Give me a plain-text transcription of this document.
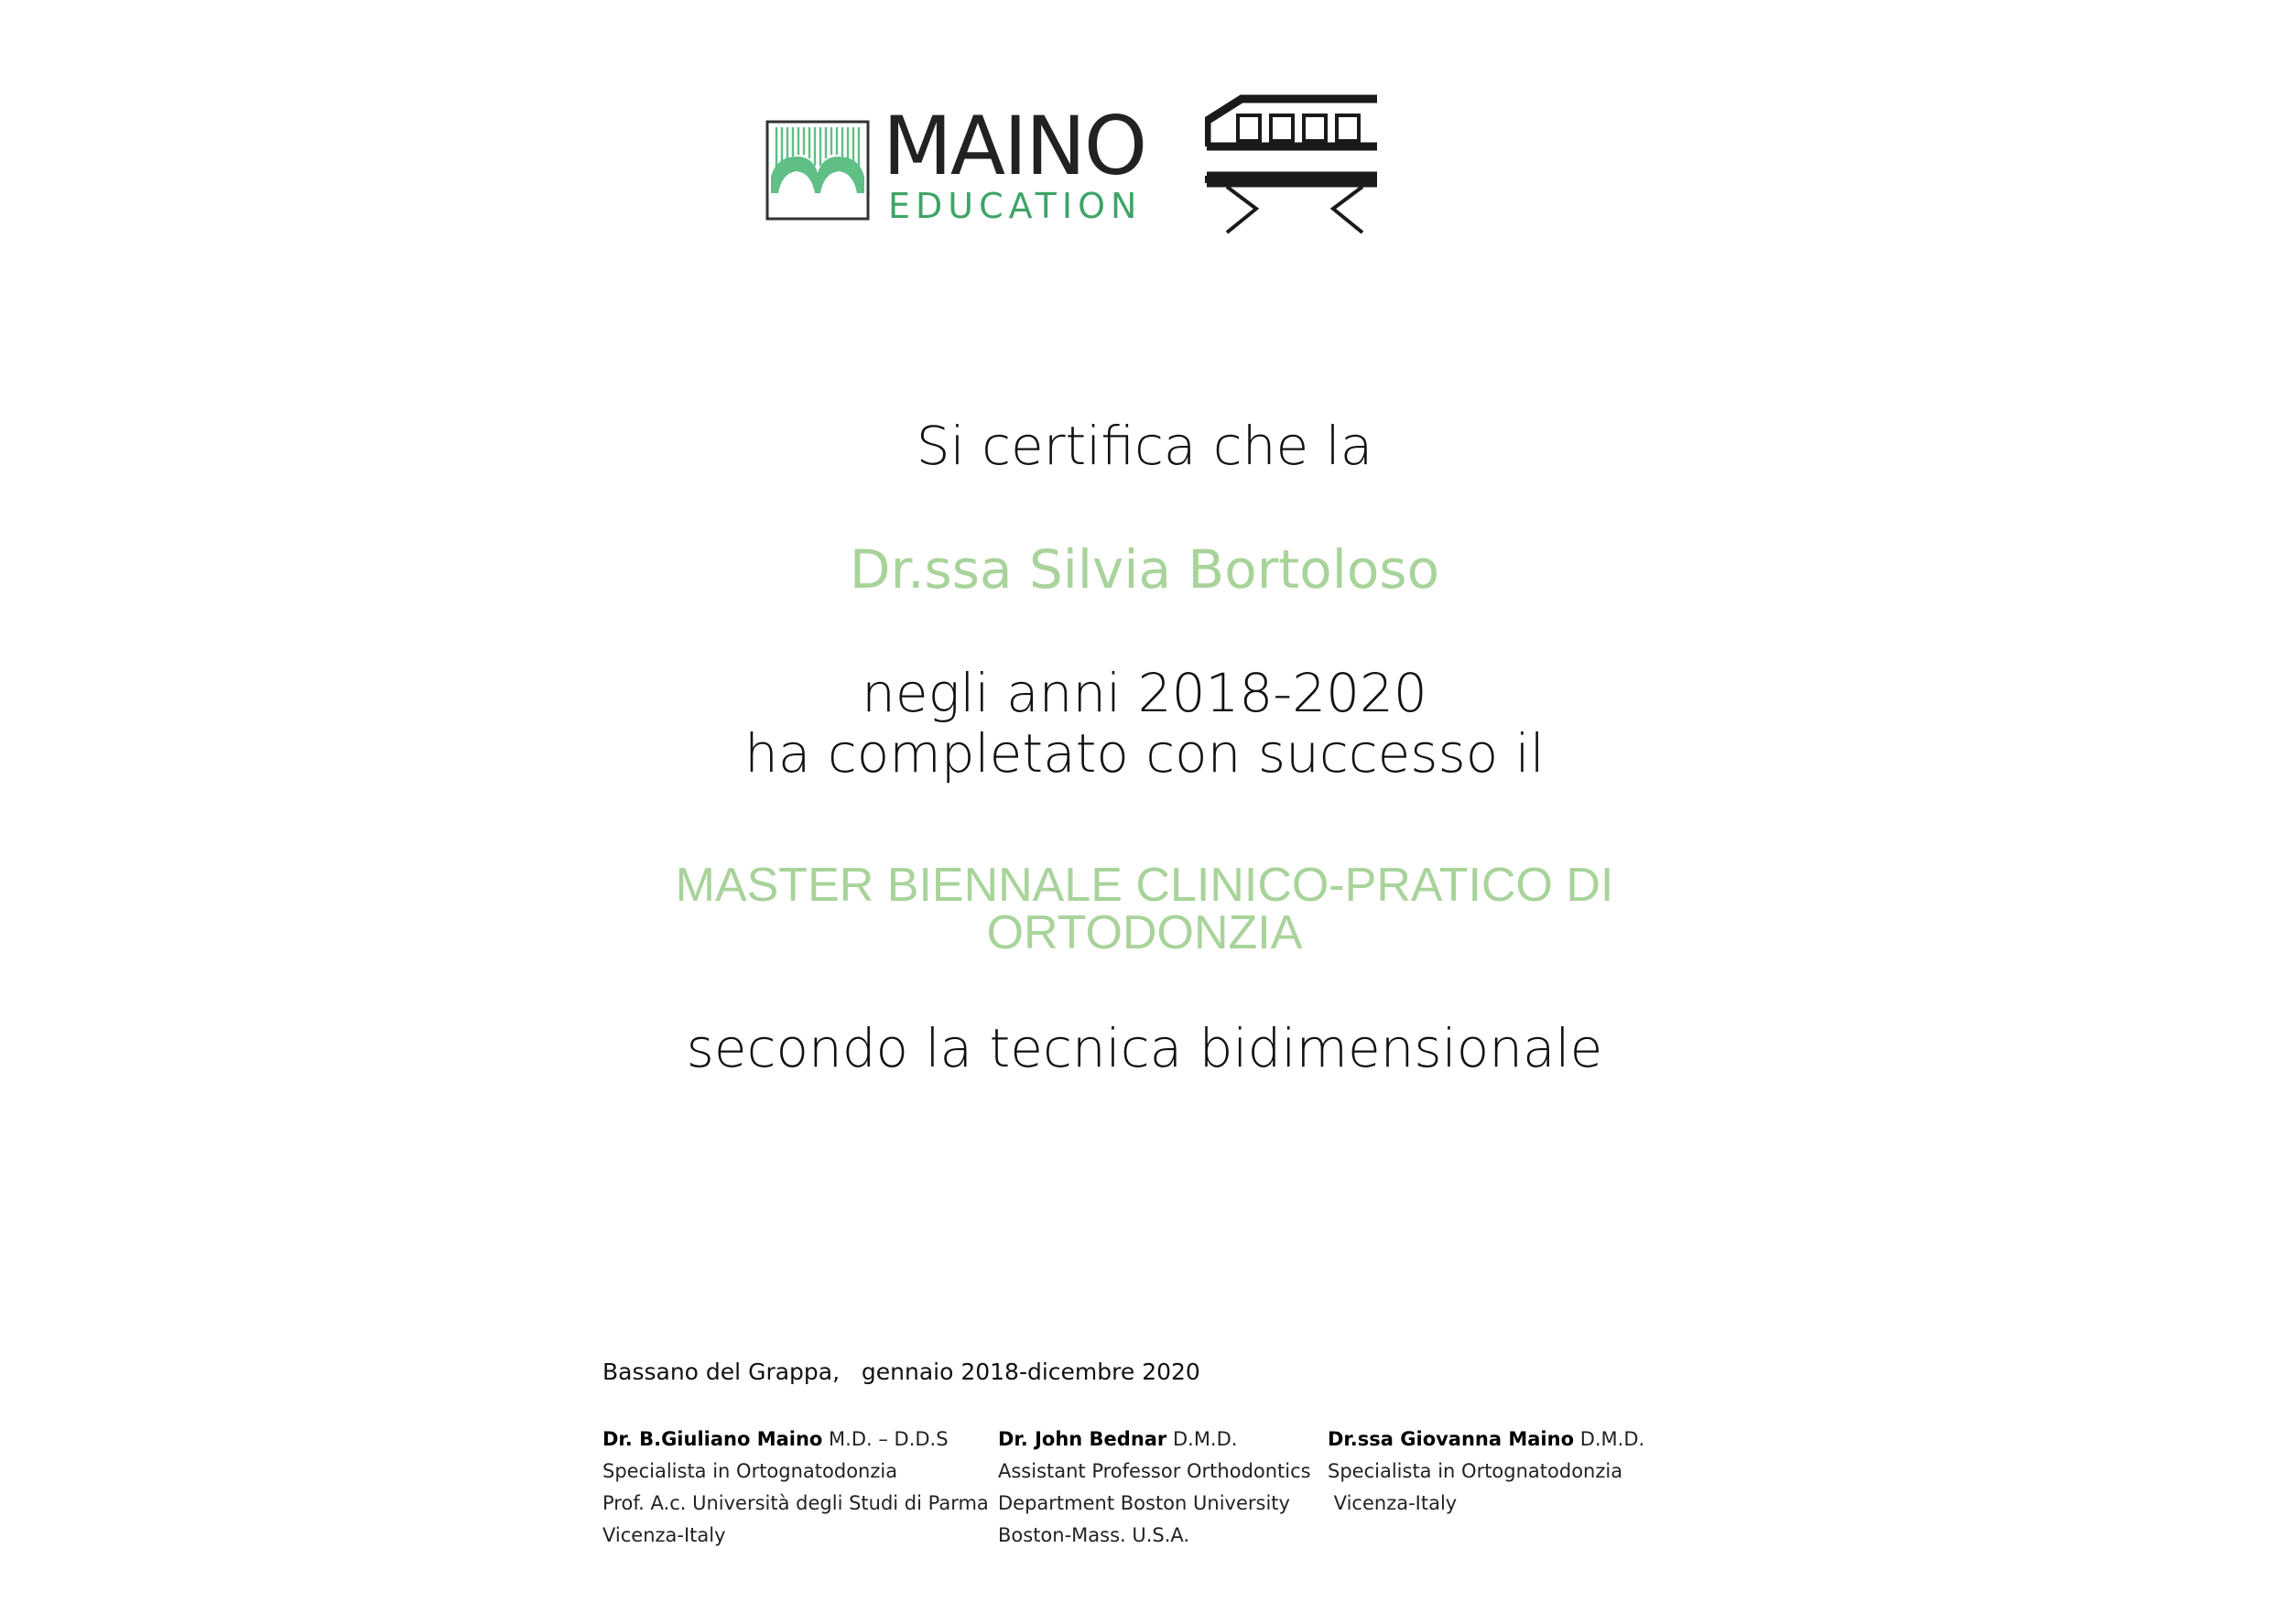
MAINO
EDUCATION
Si certifica che la
Dr.ssa Silvia Bortoloso
negli anni 2018-2020
ha completato con successo il
MASTER BIENNALE CLINICO-PRATICO DI
ORTODONZIA
secondo la tecnica bidimensionale
Bassano del Grappa,   gennaio 2018-dicembre 2020
Dr. B.Giuliano Maino M.D. – D.D.S
Specialista in Ortognatodonzia
Prof. A.c. Università degli Studi di Parma
Vicenza-Italy
Dr. John Bednar D.M.D.
Assistant Professor Orthodontics
Department Boston University
Boston-Mass. U.S.A.
Dr.ssa Giovanna Maino D.M.D.
Specialista in Ortognatodonzia
Vicenza-Italy
